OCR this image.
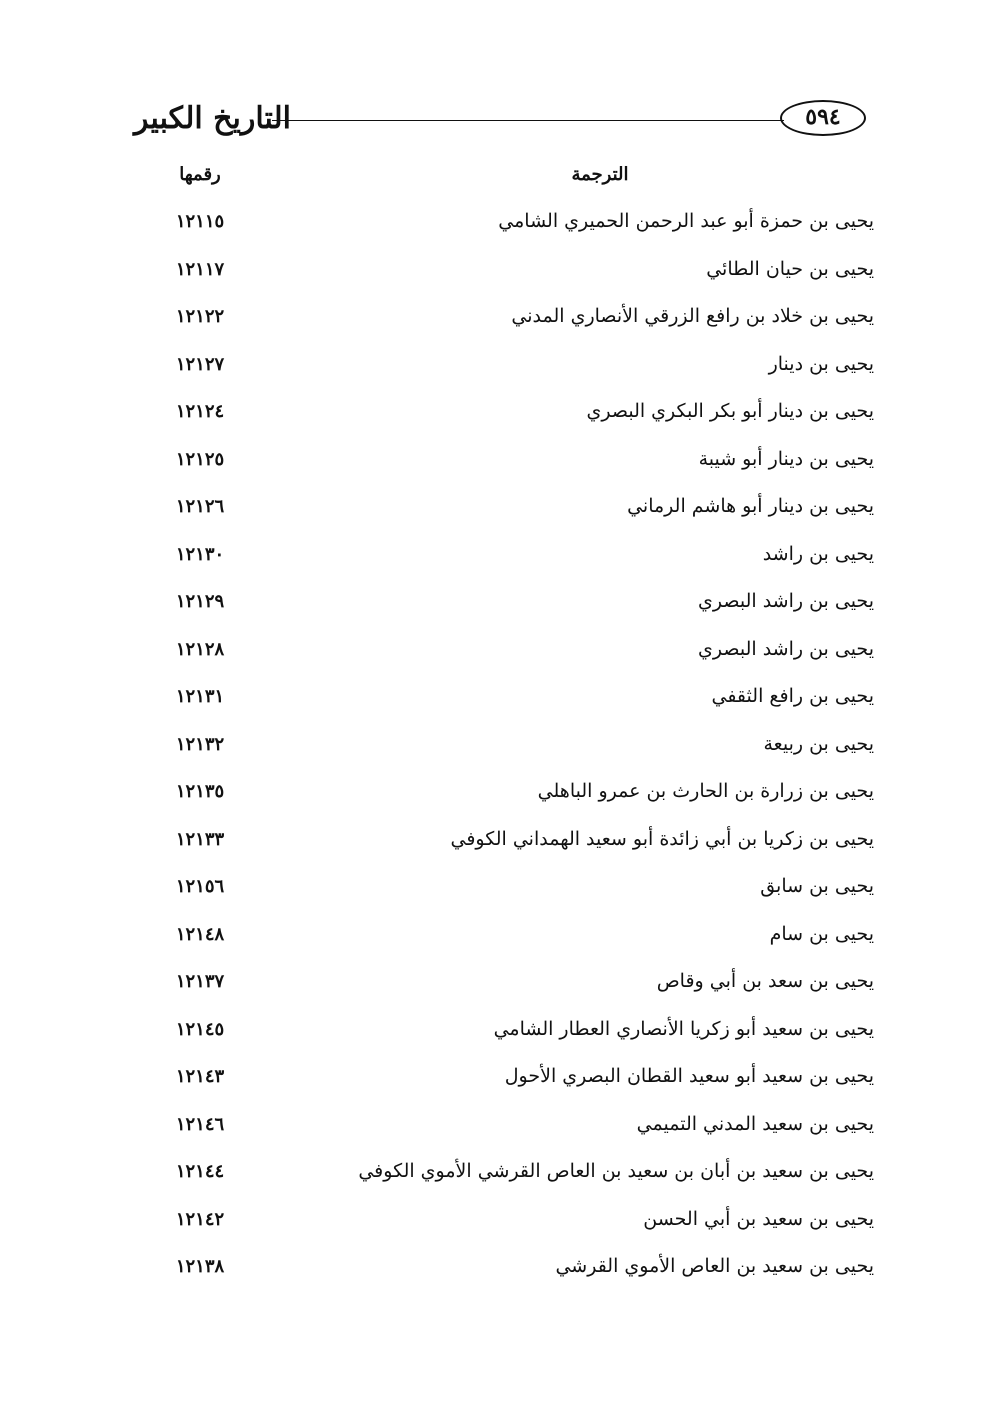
التاريخ الكبير	٥٩٤
الترجمة
رقمها
يحيى بن حمزة أبو عبد الرحمن الحميري الشامي
١٢١١٥
يحيى بن حيان الطائي
١٢١١٧
يحيى بن خلاد بن رافع الزرقي الأنصاري المدني
١٢١٢٢
يحيى بن دينار
١٢١٢٧
يحيى بن دينار أبو بكر البكري البصري
١٢١٢٤
يحيى بن دينار أبو شيبة
١٢١٢٥
يحيى بن دينار أبو هاشم الرماني
١٢١٢٦
يحيى بن راشد
١٢١٣٠
يحيى بن راشد البصري
١٢١٢٩
يحيى بن راشد البصري
١٢١٢٨
يحيى بن رافع الثقفي
١٢١٣١
يحيى بن ربيعة
١٢١٣٢
يحيى بن زرارة بن الحارث بن عمرو الباهلي
١٢١٣٥
يحيى بن زكريا بن أبي زائدة أبو سعيد الهمداني الكوفي
١٢١٣٣
يحيى بن سابق
١٢١٥٦
يحيى بن سام
١٢١٤٨
يحيى بن سعد بن أبي وقاص
١٢١٣٧
يحيى بن سعيد أبو زكريا الأنصاري العطار الشامي
١٢١٤٥
يحيى بن سعيد أبو سعيد القطان البصري الأحول
١٢١٤٣
يحيى بن سعيد المدني التميمي
١٢١٤٦
يحيى بن سعيد بن أبان بن سعيد بن العاص القرشي الأموي الكوفي
١٢١٤٤
يحيى بن سعيد بن أبي الحسن
١٢١٤٢
يحيى بن سعيد بن العاص الأموي القرشي
١٢١٣٨
